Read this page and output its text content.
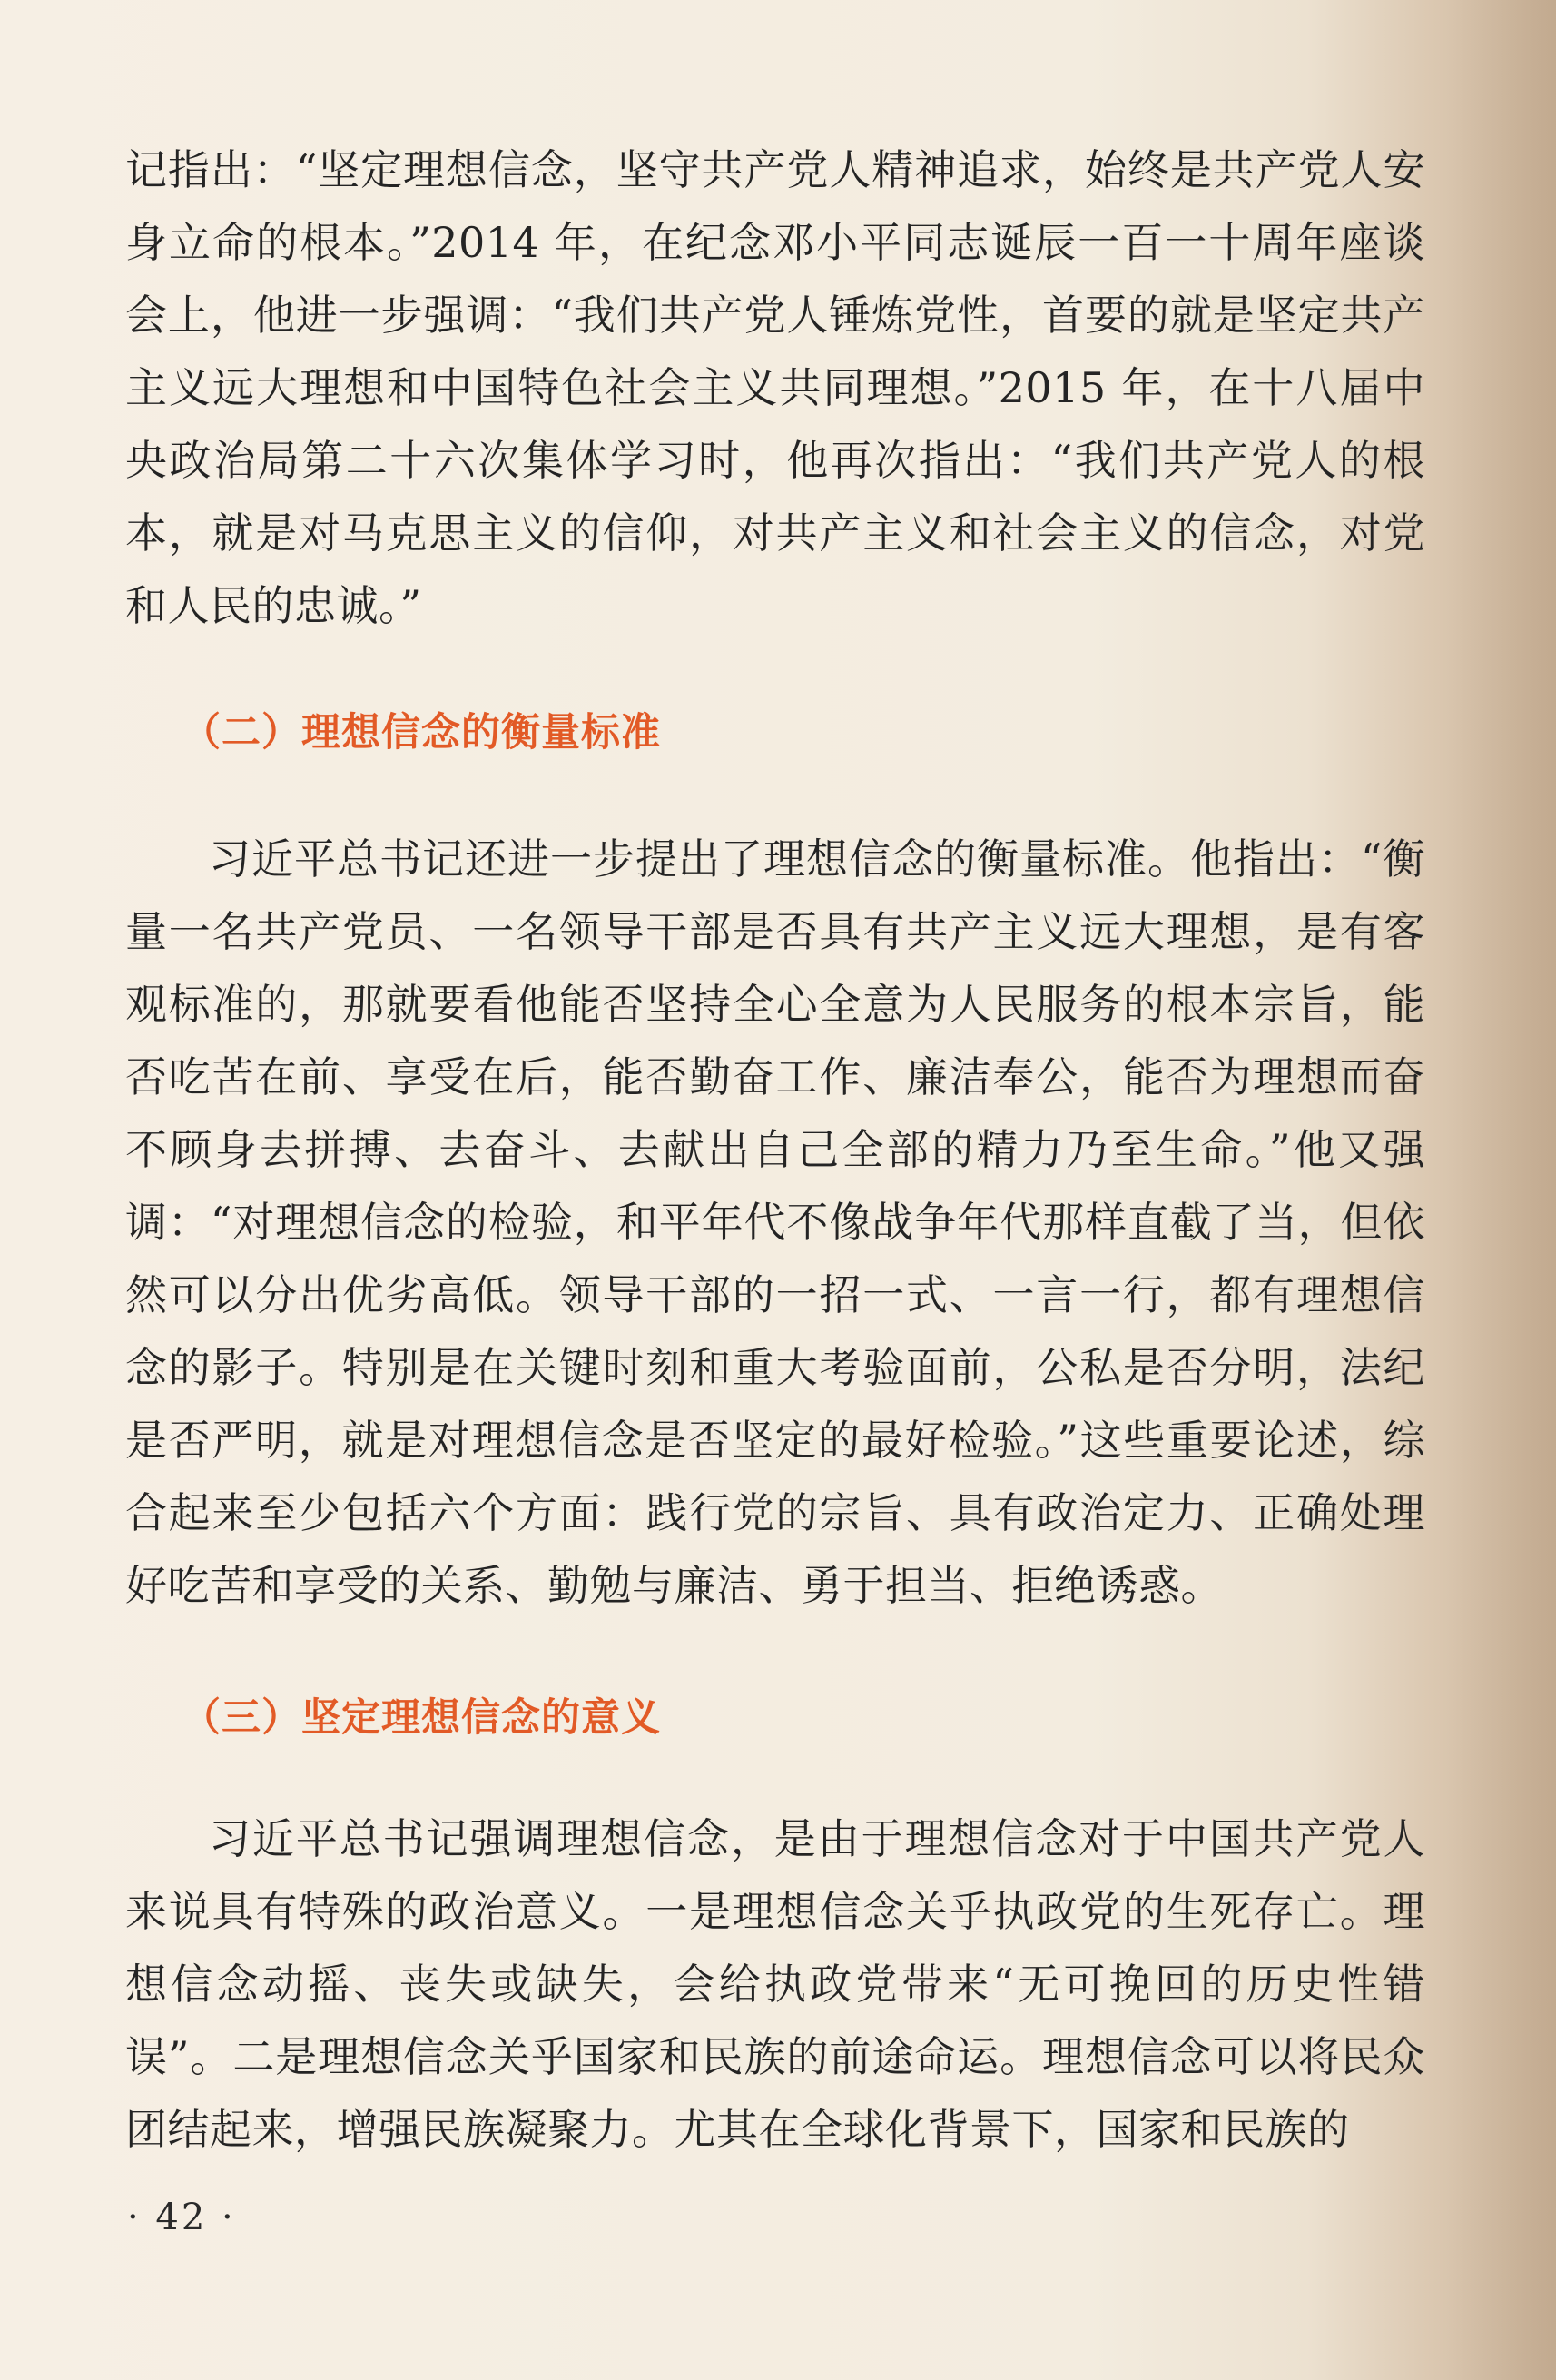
记指出：“坚定理想信念，坚守共产党人精神追求，始终是共产党人安身立命的根本。”2014 年，在纪念邓小平同志诞辰一百一十周年座谈会上，他进一步强调：“我们共产党人锤炼党性，首要的就是坚定共产主义远大理想和中国特色社会主义共同理想。”2015 年，在十八届中央政治局第二十六次集体学习时，他再次指出：“我们共产党人的根本，就是对马克思主义的信仰，对共产主义和社会主义的信念，对党和人民的忠诚。”

（二）理想信念的衡量标准

习近平总书记还进一步提出了理想信念的衡量标准。他指出：“衡量一名共产党员、一名领导干部是否具有共产主义远大理想，是有客观标准的，那就要看他能否坚持全心全意为人民服务的根本宗旨，能否吃苦在前、享受在后，能否勤奋工作、廉洁奉公，能否为理想而奋不顾身去拼搏、去奋斗、去献出自己全部的精力乃至生命。”他又强调：“对理想信念的检验，和平年代不像战争年代那样直截了当，但依然可以分出优劣高低。领导干部的一招一式、一言一行，都有理想信念的影子。特别是在关键时刻和重大考验面前，公私是否分明，法纪是否严明，就是对理想信念是否坚定的最好检验。”这些重要论述，综合起来至少包括六个方面：践行党的宗旨、具有政治定力、正确处理好吃苦和享受的关系、勤勉与廉洁、勇于担当、拒绝诱惑。

（三）坚定理想信念的意义

习近平总书记强调理想信念，是由于理想信念对于中国共产党人来说具有特殊的政治意义。一是理想信念关乎执政党的生死存亡。理想信念动摇、丧失或缺失，会给执政党带来“无可挽回的历史性错误”。二是理想信念关乎国家和民族的前途命运。理想信念可以将民众团结起来，增强民族凝聚力。尤其在全球化背景下，国家和民族的

· 42 ·
